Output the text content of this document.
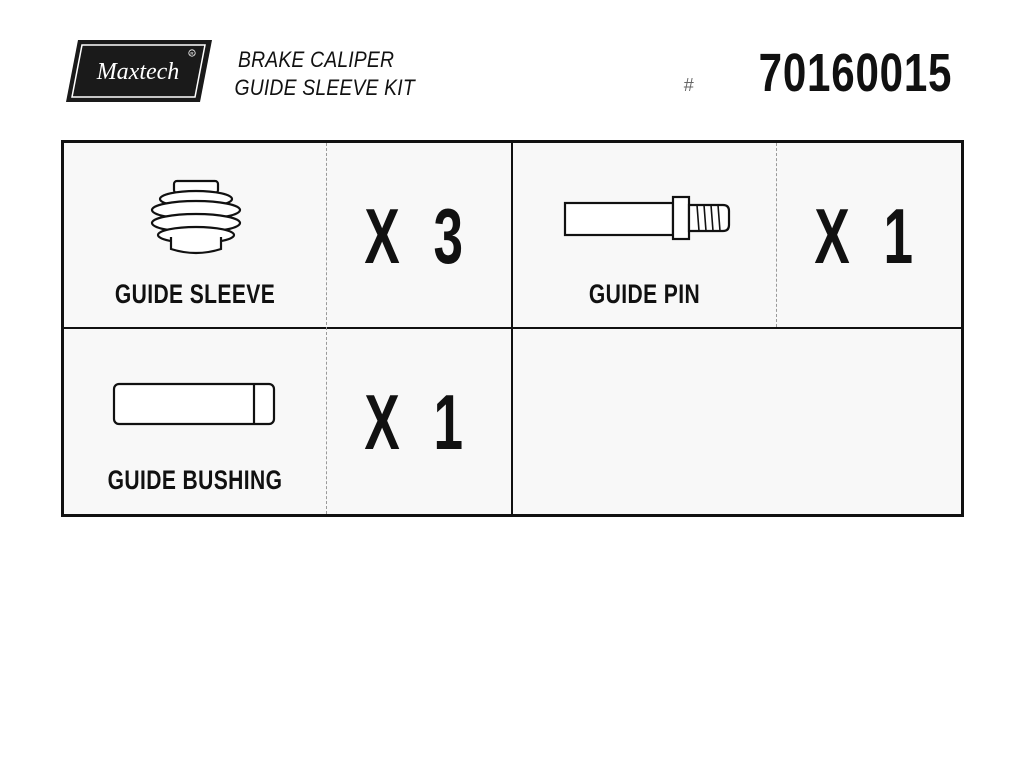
Maxtech
R BRAKE CALIPER
GUIDE SLEEVE KIT	# 70160015
GUIDE SLEEVE
X 3
GUIDE PIN
X 1
GUIDE BUSHING
X 1
